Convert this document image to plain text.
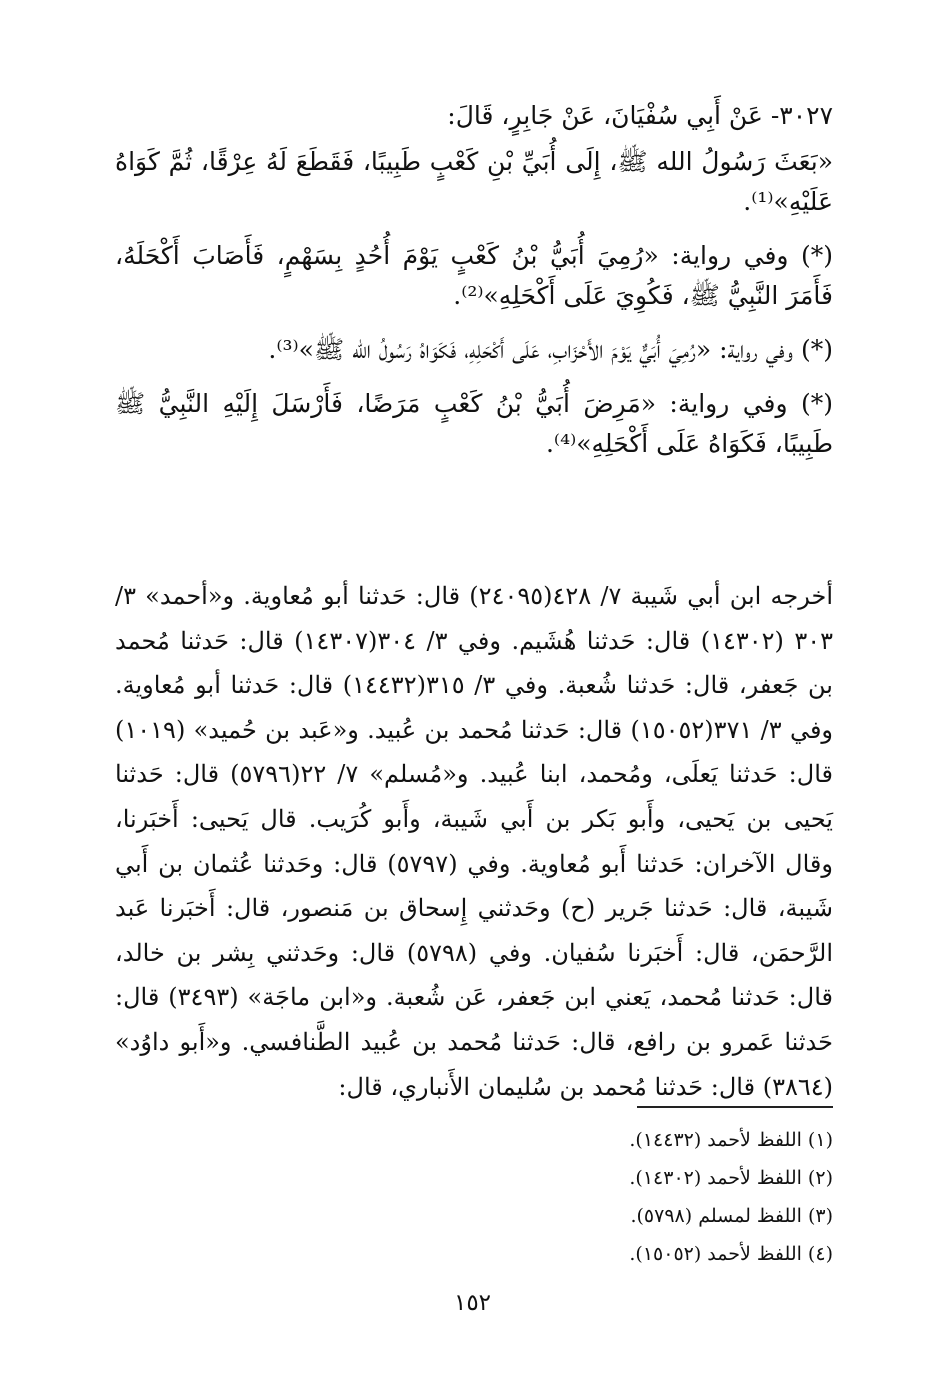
٣٠٢٧- عَنْ أَبِي سُفْيَانَ، عَنْ جَابِرٍ، قَالَ:

«بَعَثَ رَسُولُ الله ﷺ، إِلَى أُبَيِّ بْنِ كَعْبٍ طَبِيبًا، فَقَطَعَ لَهُ عِرْقًا، ثُمَّ كَوَاهُ عَلَيْهِ»⁽¹⁾.

(*) وفي رواية: «رُمِيَ أُبَيُّ بْنُ كَعْبٍ يَوْمَ أُحُدٍ بِسَهْمٍ، فَأَصَابَ أَكْحَلَهُ، فَأَمَرَ النَّبِيُّ ﷺ، فَكُوِيَ عَلَى أَكْحَلِهِ»⁽²⁾.

(*) وفي رواية: «رُمِيَ أُبَيٌّ يَوْمَ الأَحْزَابِ، عَلَى أَكْحَلِهِ، فَكَوَاهُ رَسُولُ الله ﷺ»⁽³⁾.

(*) وفي رواية: «مَرِضَ أُبَيُّ بْنُ كَعْبٍ مَرَضًا، فَأَرْسَلَ إِلَيْهِ النَّبِيُّ ﷺ طَبِيبًا، فَكَوَاهُ عَلَى أَكْحَلِهِ»⁽⁴⁾.

أخرجه ابن أبي شَيبة ٧/ ٤٢٨(٢٤٠٩٥) قال: حَدثنا أبو مُعاوية. و«أحمد» ٣/ ٣٠٣ (١٤٣٠٢) قال: حَدثنا هُشَيم. وفي ٣/ ٣٠٤(١٤٣٠٧) قال: حَدثنا مُحمد بن جَعفر، قال: حَدثنا شُعبة. وفي ٣/ ٣١٥(١٤٤٣٢) قال: حَدثنا أبو مُعاوية. وفي ٣/ ٣٧١(١٥٠٥٢) قال: حَدثنا مُحمد بن عُبيد. و«عَبد بن حُميد» (١٠١٩) قال: حَدثنا يَعلَى، ومُحمد، ابنا عُبيد. و«مُسلم» ٧/ ٢٢(٥٧٩٦) قال: حَدثنا يَحيى بن يَحيى، وأَبو بَكر بن أَبي شَيبة، وأَبو كُرَيب. قال يَحيى: أَخبَرنا، وقال الآخران: حَدثنا أَبو مُعاوية. وفي (٥٧٩٧) قال: وحَدثنا عُثمان بن أَبي شَيبة، قال: حَدثنا جَرير (ح) وحَدثني إِسحاق بن مَنصور، قال: أَخبَرنا عَبد الرَّحمَن، قال: أَخبَرنا سُفيان. وفي (٥٧٩٨) قال: وحَدثني بِشر بن خالد، قال: حَدثنا مُحمد، يَعني ابن جَعفر، عَن شُعبة. و«ابن ماجَة» (٣٤٩٣) قال: حَدثنا عَمرو بن رافع، قال: حَدثنا مُحمد بن عُبيد الطَّنافسي. و«أَبو داوُد» (٣٨٦٤) قال: حَدثنا مُحمد بن سُليمان الأَنباري، قال:

(١) اللفظ لأحمد (١٤٤٣٢).
(٢) اللفظ لأحمد (١٤٣٠٢).
(٣) اللفظ لمسلم (٥٧٩٨).
(٤) اللفظ لأحمد (١٥٠٥٢).
١٥٢
